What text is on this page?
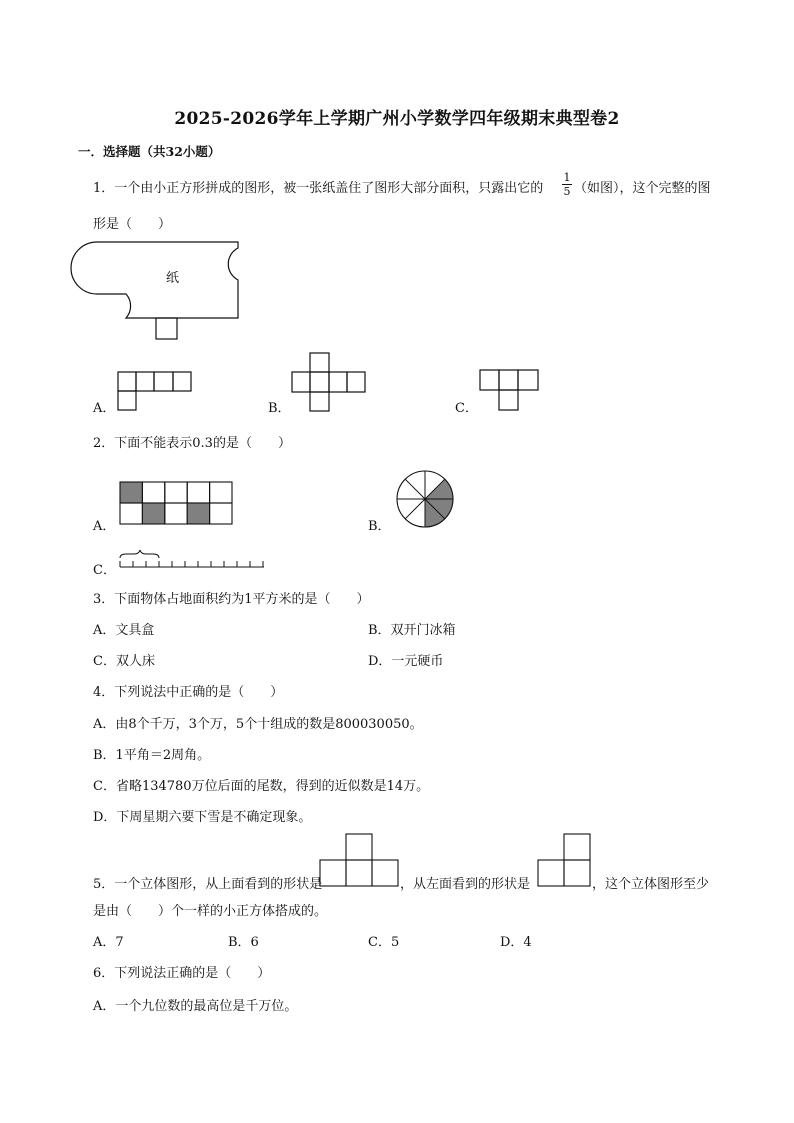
2025-2026学年上学期广州小学数学四年级期末典型卷2
一．选择题（共32小题）
1．一个由小正方形拼成的图形，被一张纸盖住了图形大部分面积，只露出它的
1
5 （如图），这个完整的图
形是（　　）
纸
A．	B．	C．
2．下面不能表示0.3的是（　　）
A．	B．
C．
3．下面物体占地面积约为1平方米的是（　　）
A．文具盒	B．双开门冰箱
C．双人床	D．一元硬币
4．下列说法中正确的是（　　）
A．由8个千万，3个万，5个十组成的数是800030050。
B．1平角＝2周角。
C．省略134780万位后面的尾数，得到的近似数是14万。
D．下周星期六要下雪是不确定现象。
5．一个立体图形，从上面看到的形状是	，从左面看到的形状是	，这个立体图形至少
是由（　　）个一样的小正方体搭成的。
A．7	B．6	C．5	D．4
6．下列说法正确的是（　　）
A．一个九位数的最高位是千万位。
